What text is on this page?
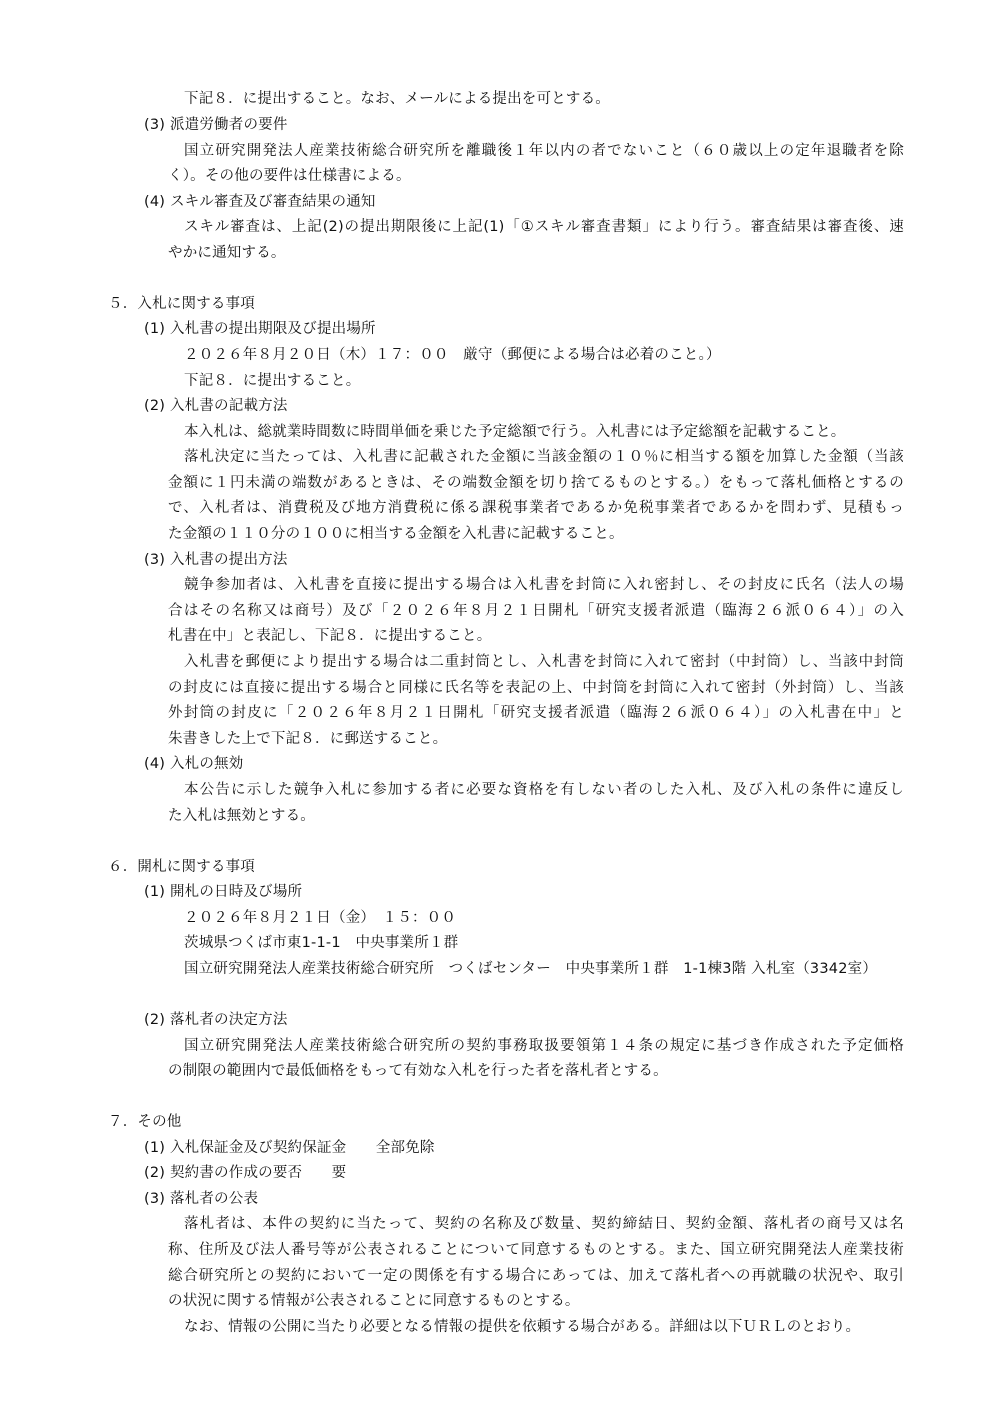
下記８．に提出すること。なお、メールによる提出を可とする。
(3) 派遣労働者の要件
国立研究開発法人産業技術総合研究所を離職後１年以内の者でないこと（６０歳以上の定年退職者を除
く）。その他の要件は仕様書による。
(4) スキル審査及び審査結果の通知
スキル審査は、上記(2)の提出期限後に上記(1)「①スキル審査書類」により行う。審査結果は審査後、速
やかに通知する。
５．入札に関する事項
(1) 入札書の提出期限及び提出場所
２０２６年８月２０日（木）１７：００　厳守（郵便による場合は必着のこと。）
下記８．に提出すること。
(2) 入札書の記載方法
本入札は、総就業時間数に時間単価を乗じた予定総額で行う。入札書には予定総額を記載すること。
落札決定に当たっては、入札書に記載された金額に当該金額の１０％に相当する額を加算した金額（当該
金額に１円未満の端数があるときは、その端数金額を切り捨てるものとする。）をもって落札価格とするの
で、入札者は、消費税及び地方消費税に係る課税事業者であるか免税事業者であるかを問わず、見積もっ
た金額の１１０分の１００に相当する金額を入札書に記載すること。
(3) 入札書の提出方法
競争参加者は、入札書を直接に提出する場合は入札書を封筒に入れ密封し、その封皮に氏名（法人の場
合はその名称又は商号）及び「２０２６年８月２１日開札「研究支援者派遣（臨海２６派０６４）」の入
札書在中」と表記し、下記８．に提出すること。
入札書を郵便により提出する場合は二重封筒とし、入札書を封筒に入れて密封（中封筒）し、当該中封筒
の封皮には直接に提出する場合と同様に氏名等を表記の上、中封筒を封筒に入れて密封（外封筒）し、当該
外封筒の封皮に「２０２６年８月２１日開札「研究支援者派遣（臨海２６派０６４）」の入札書在中」と
朱書きした上で下記８．に郵送すること。
(4) 入札の無効
本公告に示した競争入札に参加する者に必要な資格を有しない者のした入札、及び入札の条件に違反し
た入札は無効とする。
６．開札に関する事項
(1) 開札の日時及び場所
２０２６年８月２１日（金）　１５：００
茨城県つくば市東1-1-1　中央事業所１群
国立研究開発法人産業技術総合研究所　つくばセンター　中央事業所１群　1-1棟3階 入札室（3342室）
(2) 落札者の決定方法
国立研究開発法人産業技術総合研究所の契約事務取扱要領第１４条の規定に基づき作成された予定価格
の制限の範囲内で最低価格をもって有効な入札を行った者を落札者とする。
７．その他
(1) 入札保証金及び契約保証金　　全部免除
(2) 契約書の作成の要否　　要
(3) 落札者の公表
落札者は、本件の契約に当たって、契約の名称及び数量、契約締結日、契約金額、落札者の商号又は名
称、住所及び法人番号等が公表されることについて同意するものとする。また、国立研究開発法人産業技術
総合研究所との契約において一定の関係を有する場合にあっては、加えて落札者への再就職の状況や、取引
の状況に関する情報が公表されることに同意するものとする。
なお、情報の公開に当たり必要となる情報の提供を依頼する場合がある。詳細は以下ＵＲＬのとおり。
